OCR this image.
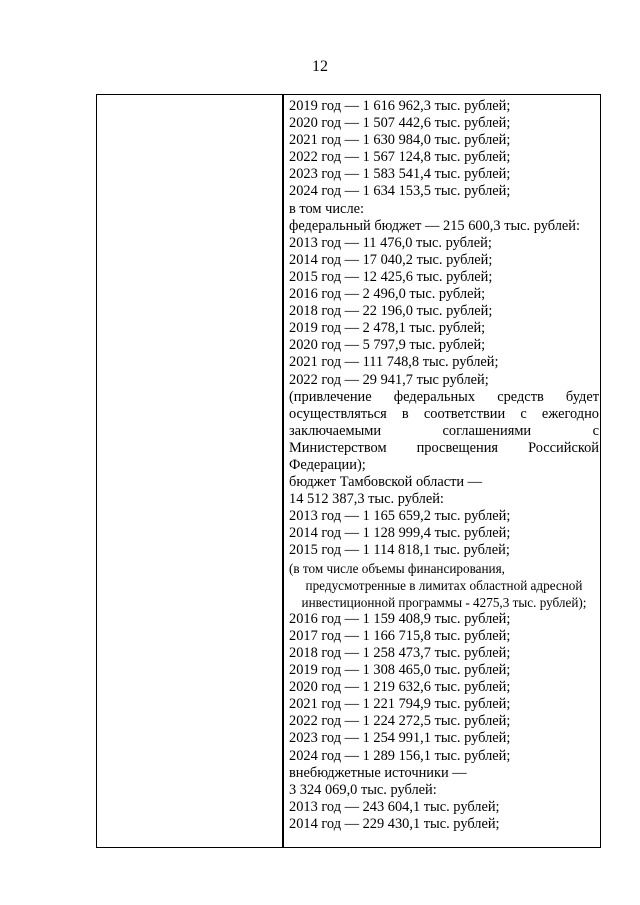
12
2019 год — 1 616 962,3 тыс. рублей;
2020 год — 1 507 442,6 тыс. рублей;
2021 год — 1 630 984,0 тыс. рублей;
2022 год — 1 567 124,8 тыс. рублей;
2023 год — 1 583 541,4 тыс. рублей;
2024 год — 1 634 153,5 тыс. рублей;
в том числе:
федеральный бюджет — 215 600,3 тыс. рублей:
2013 год — 11 476,0 тыс. рублей;
2014 год — 17 040,2 тыс. рублей;
2015 год — 12 425,6 тыс. рублей;
2016 год — 2 496,0 тыс. рублей;
2018 год — 22 196,0 тыс. рублей;
2019 год — 2 478,1 тыс. рублей;
2020 год — 5 797,9 тыс. рублей;
2021 год — 111 748,8 тыс. рублей;
2022 год — 29 941,7 тыс рублей;
(привлечение федеральных средств будет
осуществляться в соответствии с ежегодно
заключаемыми соглашениями с
Министерством просвещения Российской
Федерации);
бюджет Тамбовской области —
14 512 387,3 тыс. рублей:
2013 год — 1 165 659,2 тыс. рублей;
2014 год — 1 128 999,4 тыс. рублей;
2015 год — 1 114 818,1 тыс. рублей;
(в том числе объемы финансирования,
предусмотренные в лимитах областной адресной
инвестиционной программы - 4275,3 тыс. рублей);
2016 год — 1 159 408,9 тыс. рублей;
2017 год — 1 166 715,8 тыс. рублей;
2018 год — 1 258 473,7 тыс. рублей;
2019 год — 1 308 465,0 тыс. рублей;
2020 год — 1 219 632,6 тыс. рублей;
2021 год — 1 221 794,9 тыс. рублей;
2022 год — 1 224 272,5 тыс. рублей;
2023 год — 1 254 991,1 тыс. рублей;
2024 год — 1 289 156,1 тыс. рублей;
внебюджетные источники —
3 324 069,0 тыс. рублей:
2013 год — 243 604,1 тыс. рублей;
2014 год — 229 430,1 тыс. рублей;
